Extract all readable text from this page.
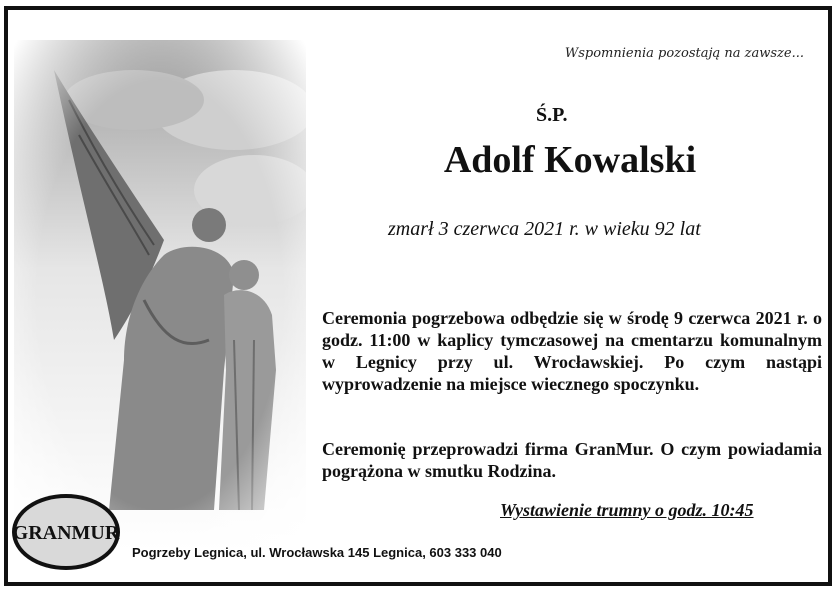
Wspomnienia pozostają na zawsze...
Ś.P.
Adolf Kowalski
zmarł 3 czerwca 2021 r. w wieku 92 lat
Ceremonia pogrzebowa odbędzie się w środę 9 czerwca 2021 r. o godz. 11:00 w kaplicy tymczasowej na cmentarzu komunalnym w Legnicy przy ul. Wrocławskiej. Po czym nastąpi wyprowadzenie na miejsce wiecznego spoczynku.
Ceremonię przeprowadzi firma GranMur. O czym powiadamia pogrążona w smutku Rodzina.
Wystawienie trumny o godz. 10:45
GRANMUR
Pogrzeby Legnica, ul. Wrocławska 145 Legnica, 603 333 040
